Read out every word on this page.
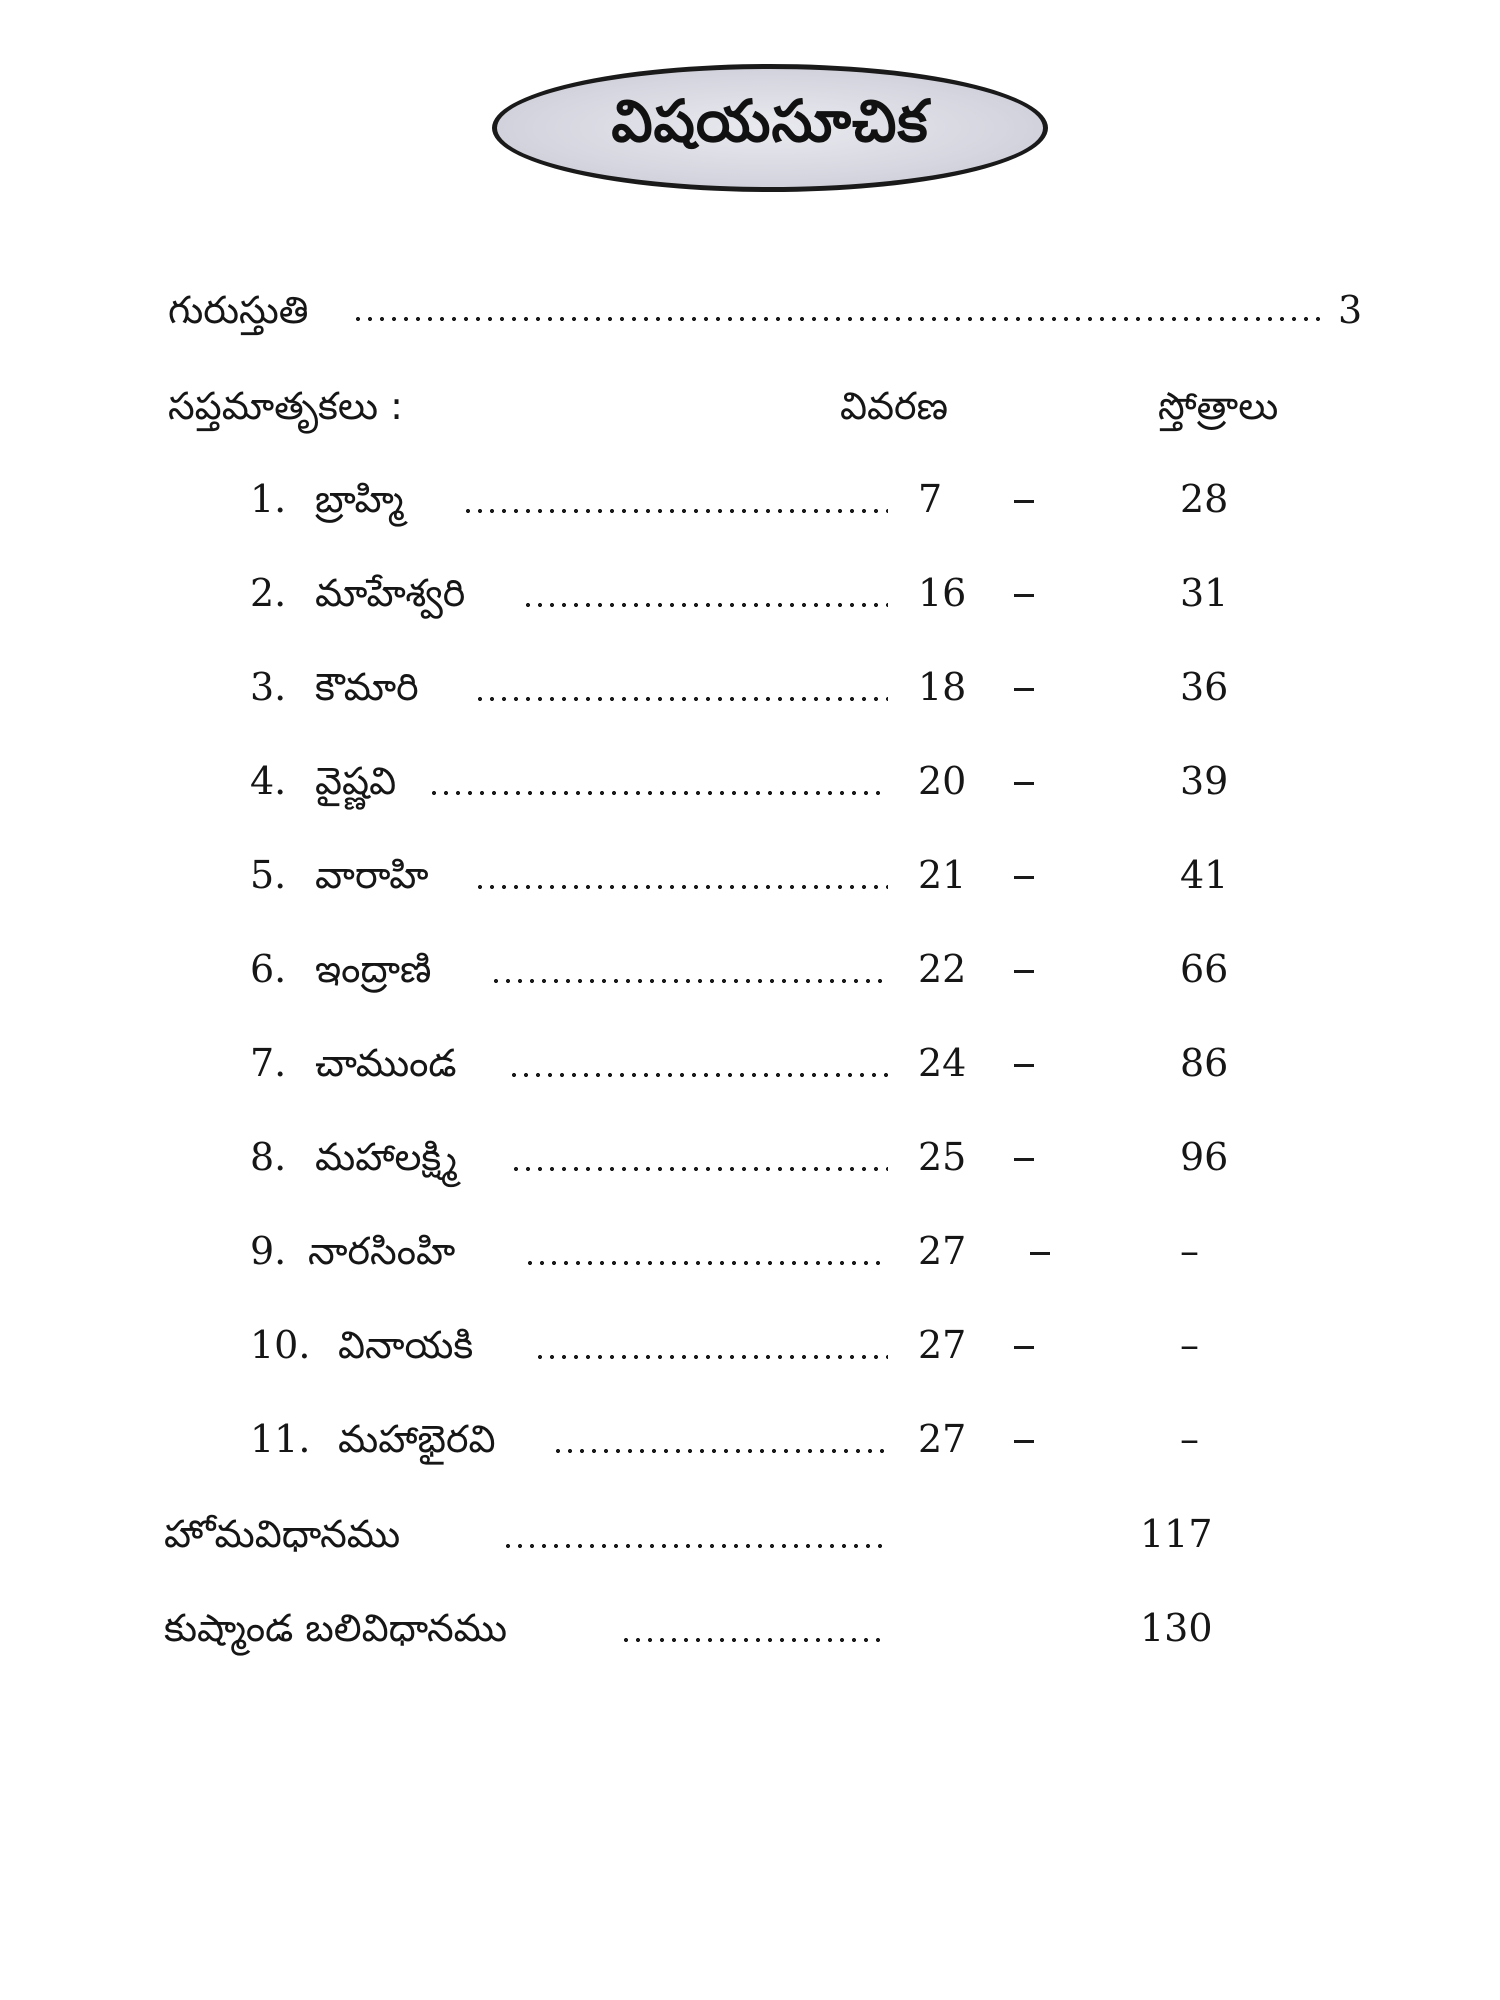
విషయసూచిక
గురుస్తుతి	3
సప్తమాతృకలు :	వివరణ	స్తోత్రాలు
1. బ్రాహ్మి	7	28
2. మాహేశ్వరి	16	31
3. కౌమారి	18	36
4. వైష్ణవి	20	39
5. వారాహి	21	41
6. ఇంద్రాణి	22	66
7. చాముండ	24	86
8. మహాలక్ష్మి	25	96
9. నారసింహి	27	–
10. వినాయకి	27	–
11. మహాభైరవి	27	–
హోమవిధానము	117
కుష్మాండ బలివిధానము	130
